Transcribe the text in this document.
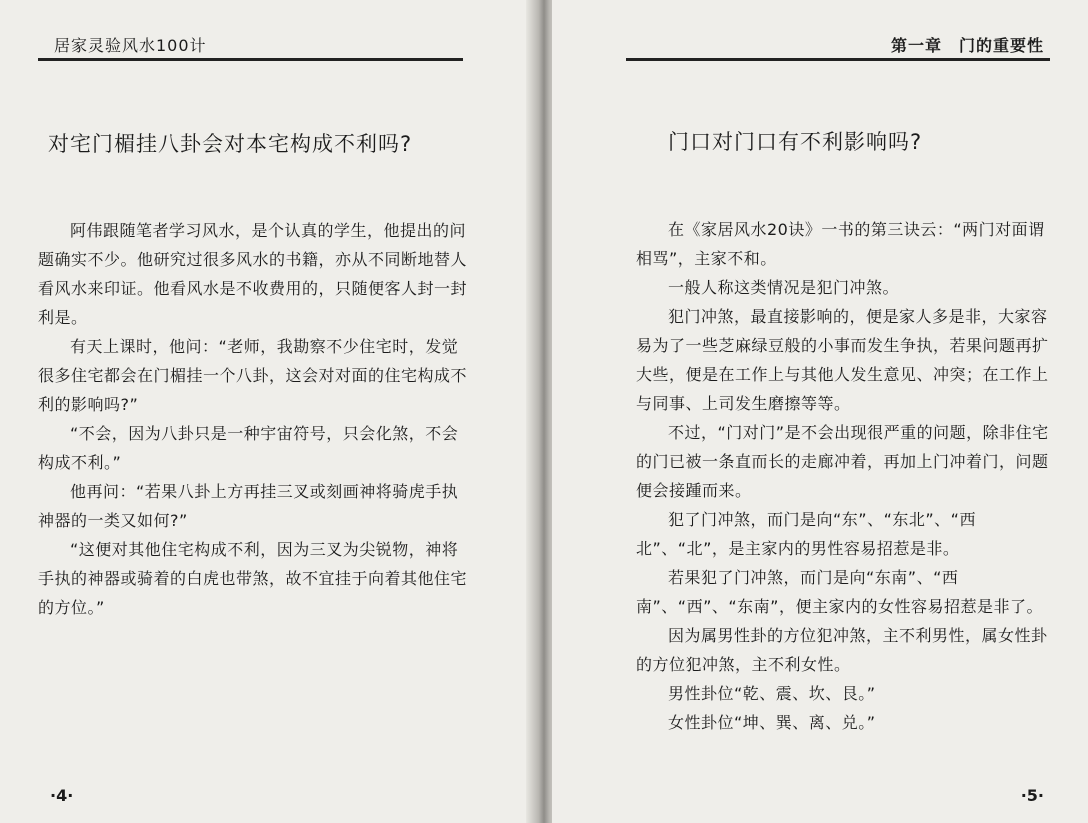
居家灵验风水100计
对宅门楣挂八卦会对本宅构成不利吗?

阿伟跟随笔者学习风水，是个认真的学生，他提出的问题确实不少。他研究过很多风水的书籍，亦从不同断地替人看风水来印证。他看风水是不收费用的，只随便客人封一封利是。

有天上课时，他问：“老师，我勘察不少住宅时，发觉很多住宅都会在门楣挂一个八卦，这会对对面的住宅构成不利的影响吗?”

“不会，因为八卦只是一种宇宙符号，只会化煞，不会构成不利。”

他再问：“若果八卦上方再挂三叉或刻画神将骑虎手执神器的一类又如何?”

“这便对其他住宅构成不利，因为三叉为尖锐物，神将手执的神器或骑着的白虎也带煞，故不宜挂于向着其他住宅的方位。”

·4·
第一章　门的重要性
门口对门口有不利影响吗?

在《家居风水20诀》一书的第三诀云：“两门对面谓相骂”，主家不和。

一般人称这类情况是犯门冲煞。

犯门冲煞，最直接影响的，便是家人多是非，大家容易为了一些芝麻绿豆般的小事而发生争执，若果问题再扩大些，便是在工作上与其他人发生意见、冲突；在工作上与同事、上司发生磨擦等等。

不过，“门对门”是不会出现很严重的问题，除非住宅的门已被一条直而长的走廊冲着，再加上门冲着门，问题便会接踵而来。

犯了门冲煞，而门是向“东”、“东北”、“西北”、“北”，是主家内的男性容易招惹是非。

若果犯了门冲煞，而门是向“东南”、“西南”、“西”、“东南”，便主家内的女性容易招惹是非了。

因为属男性卦的方位犯冲煞，主不利男性，属女性卦的方位犯冲煞，主不利女性。

男性卦位“乾、震、坎、艮。”

女性卦位“坤、巽、离、兑。”

·5·
